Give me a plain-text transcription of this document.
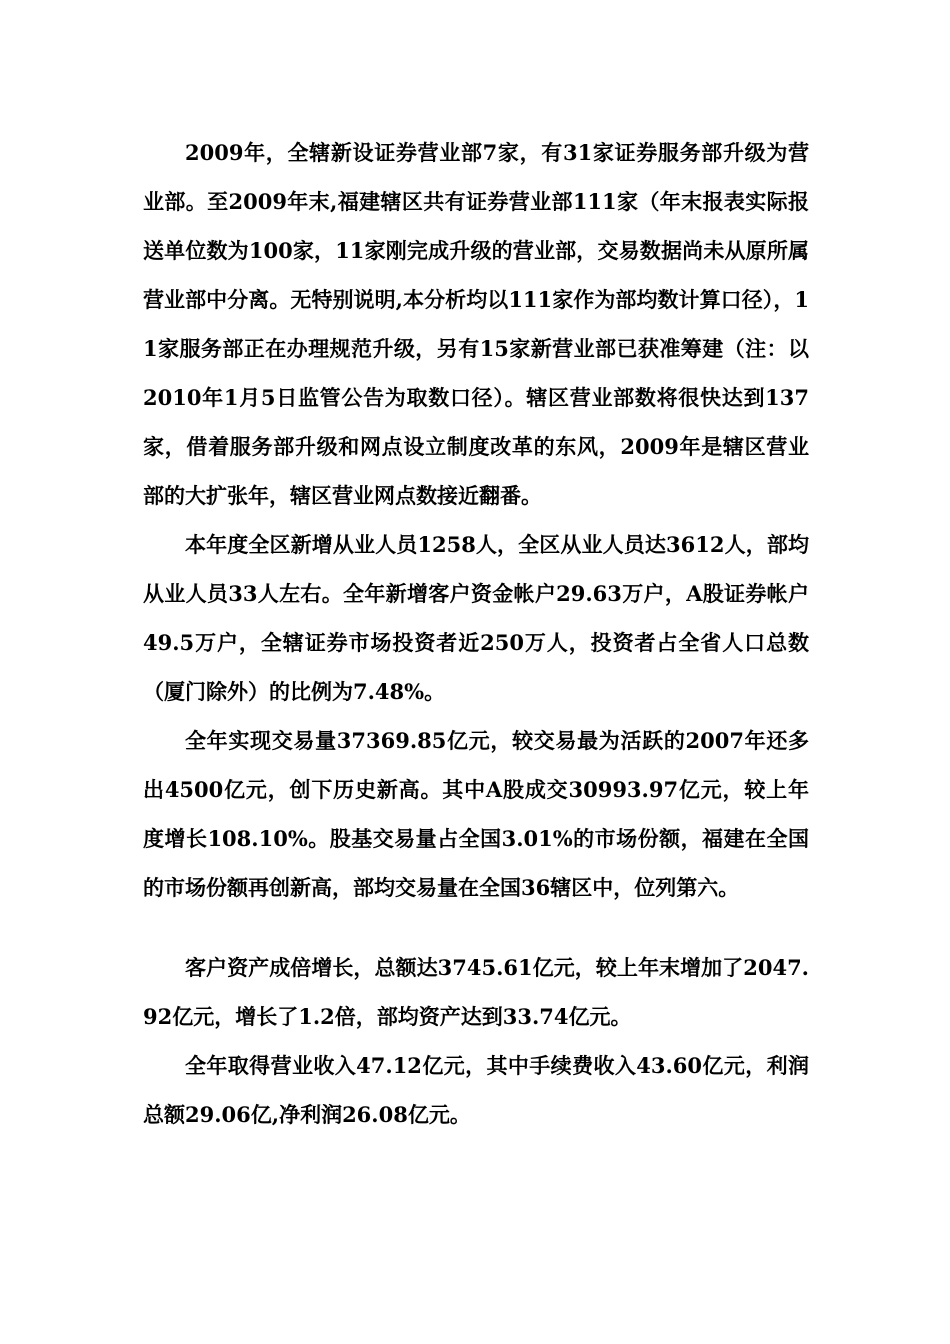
2009年，全辖新设证券营业部7家，有31家证券服务部升级为营业部。至2009年末,福建辖区共有证券营业部111家（年末报表实际报送单位数为100家，11家刚完成升级的营业部，交易数据尚未从原所属营业部中分离。无特别说明,本分析均以111家作为部均数计算口径），11家服务部正在办理规范升级，另有15家新营业部已获准筹建（注：以2010年1月5日监管公告为取数口径）。辖区营业部数将很快达到137家，借着服务部升级和网点设立制度改革的东风，2009年是辖区营业部的大扩张年，辖区营业网点数接近翻番。

本年度全区新增从业人员1258人，全区从业人员达3612人，部均从业人员33人左右。全年新增客户资金帐户29.63万户，A股证券帐户49.5万户，全辖证券市场投资者近250万人，投资者占全省人口总数（厦门除外）的比例为7.48%。

全年实现交易量37369.85亿元，较交易最为活跃的2007年还多出4500亿元，创下历史新高。其中A股成交30993.97亿元，较上年度增长108.10%。股基交易量占全国3.01%的市场份额，福建在全国的市场份额再创新高，部均交易量在全国36辖区中，位列第六。

客户资产成倍增长，总额达3745.61亿元，较上年末增加了2047.92亿元，增长了1.2倍，部均资产达到33.74亿元。

全年取得营业收入47.12亿元，其中手续费收入43.60亿元，利润总额29.06亿,净利润26.08亿元。
